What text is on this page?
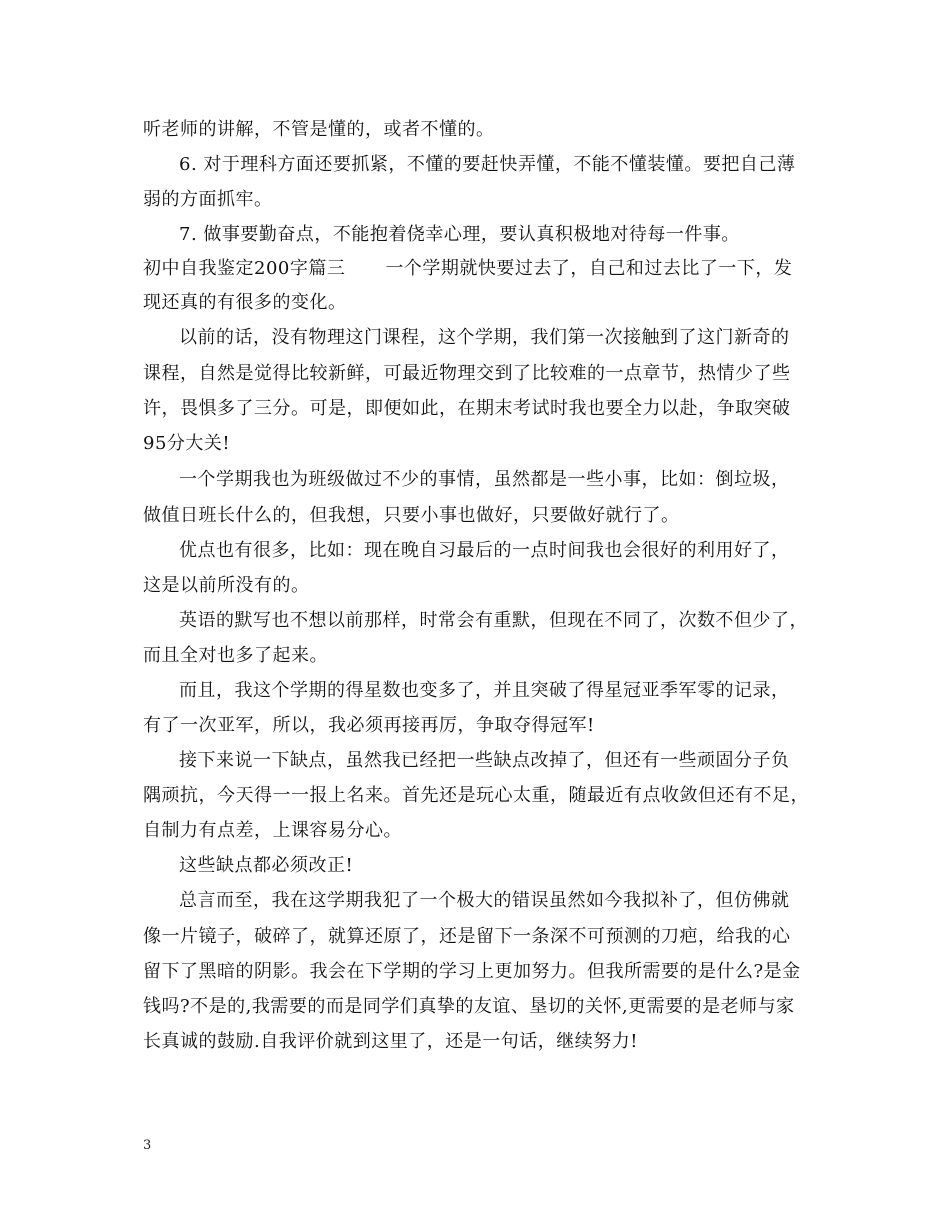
听老师的讲解，不管是懂的，或者不懂的。
6. 对于理科方面还要抓紧，不懂的要赶快弄懂，不能不懂装懂。要把自己薄
弱的方面抓牢。
7. 做事要勤奋点，不能抱着侥幸心理，要认真积极地对待每一件事。
初中自我鉴定200字篇三 一个学期就快要过去了，自己和过去比了一下，发
现还真的有很多的变化。
以前的话，没有物理这门课程，这个学期，我们第一次接触到了这门新奇的
课程，自然是觉得比较新鲜，可最近物理交到了比较难的一点章节，热情少了些
许，畏惧多了三分。可是，即便如此，在期末考试时我也要全力以赴，争取突破
95分大关!
一个学期我也为班级做过不少的事情，虽然都是一些小事，比如：倒垃圾，
做值日班长什么的，但我想，只要小事也做好，只要做好就行了。
优点也有很多，比如：现在晚自习最后的一点时间我也会很好的利用好了，
这是以前所没有的。
英语的默写也不想以前那样，时常会有重默，但现在不同了，次数不但少了，
而且全对也多了起来。
而且，我这个学期的得星数也变多了，并且突破了得星冠亚季军零的记录，
有了一次亚军，所以，我必须再接再厉，争取夺得冠军!
接下来说一下缺点，虽然我已经把一些缺点改掉了，但还有一些顽固分子负
隅顽抗，今天得一一报上名来。首先还是玩心太重，随最近有点收敛但还有不足，
自制力有点差，上课容易分心。
这些缺点都必须改正!
总言而至，我在这学期我犯了一个极大的错误虽然如今我拟补了，但仿佛就
像一片镜子，破碎了，就算还原了，还是留下一条深不可预测的刀疤，给我的心
留下了黑暗的阴影。我会在下学期的学习上更加努力。但我所需要的是什么?是金
钱吗?不是的,我需要的而是同学们真挚的友谊、垦切的关怀,更需要的是老师与家
长真诚的鼓励.自我评价就到这里了，还是一句话，继续努力!
3
